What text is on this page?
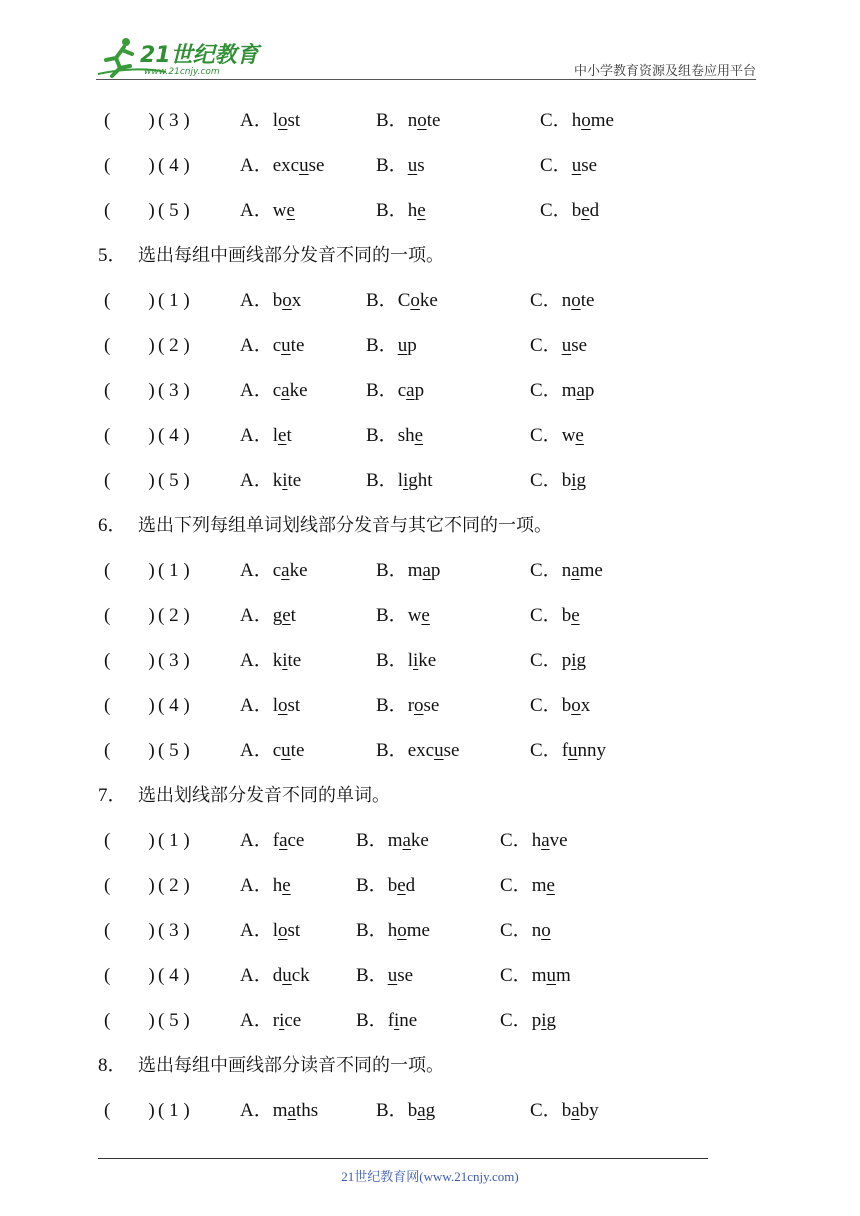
21世纪教育
www.21cnjy.com	中小学教育资源及组卷应用平台
(　　) ( 3 )	A．lost	B．note	C．home
(　　) ( 4 )	A．excuse	B．us	C．use
(　　) ( 5 )	A．we	B．he	C．bed
5． 选出每组中画线部分发音不同的一项。
(　　) ( 1 )	A．box	B．Coke	C．note
(　　) ( 2 )	A．cute	B．up	C．use
(　　) ( 3 )	A．cake	B．cap	C．map
(　　) ( 4 )	A．let	B．she	C．we
(　　) ( 5 )	A．kite	B．light	C．big
6． 选出下列每组单词划线部分发音与其它不同的一项。
(　　) ( 1 )	A．cake	B．map	C．name
(　　) ( 2 )	A．get	B．we	C．be
(　　) ( 3 )	A．kite	B．like	C．pig
(　　) ( 4 )	A．lost	B．rose	C．box
(　　) ( 5 )	A．cute	B．excuse	C．funny
7． 选出划线部分发音不同的单词。
(　　) ( 1 )	A．face	B．make	C．have
(　　) ( 2 )	A．he	B．bed	C．me
(　　) ( 3 )	A．lost	B．home	C．no
(　　) ( 4 )	A．duck B．use	C．mum
(　　) ( 5 )	A．rice	B．fine	C．pig
8． 选出每组中画线部分读音不同的一项。
(　　) ( 1 )	A．maths	B．bag	C．baby
21世纪教育网(www.21cnjy.com)
